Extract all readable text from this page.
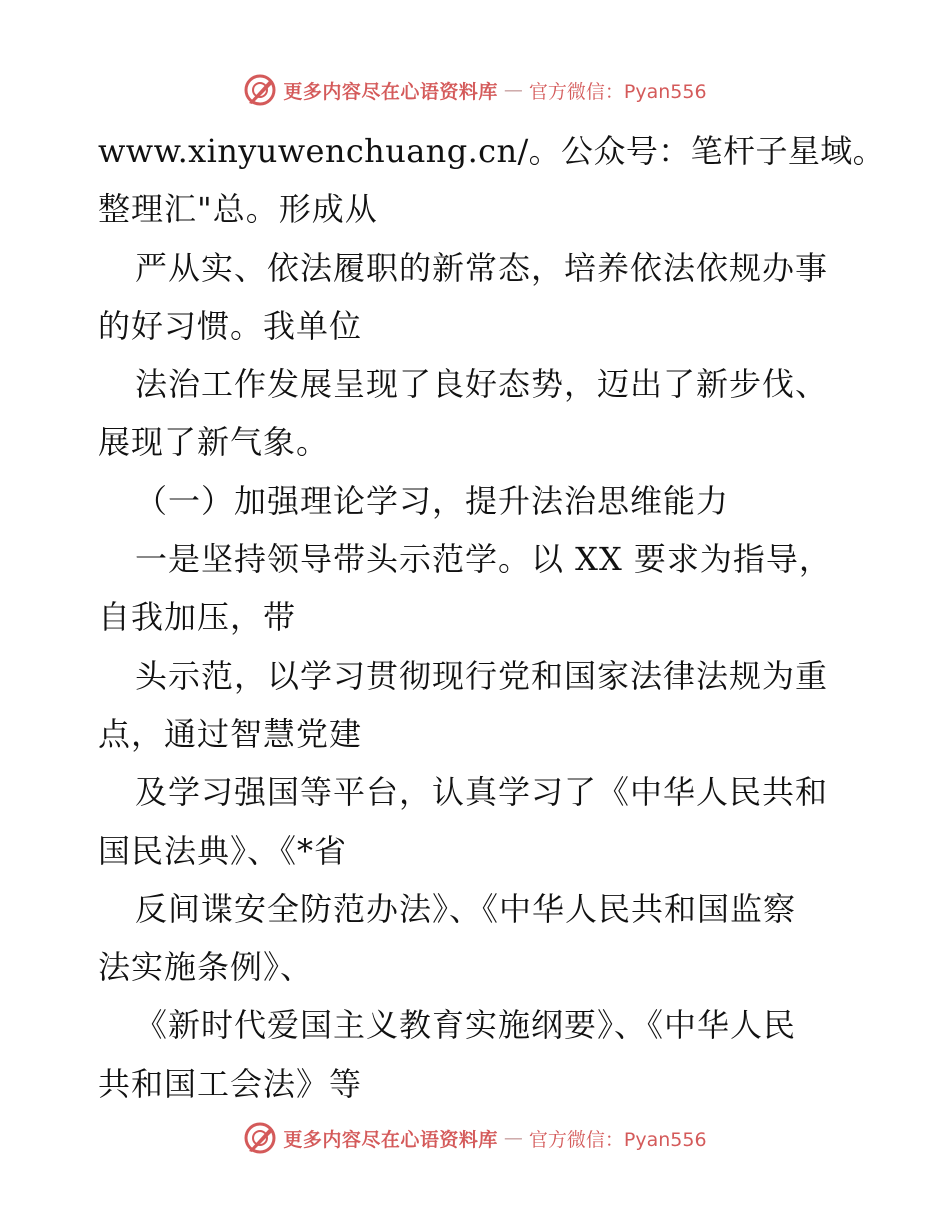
更多内容尽在心语资料库 — 官方微信：Pyan556
www.xinyuwenchuang.cn/。公众号：笔杆子星域。
整理汇"总。形成从
严从实、依法履职的新常态，培养依法依规办事
的好习惯。我单位
法治工作发展呈现了良好态势，迈出了新步伐、
展现了新气象。
（一）加强理论学习，提升法治思维能力
一是坚持领导带头示范学。以 XX 要求为指导，
自我加压，带
头示范，以学习贯彻现行党和国家法律法规为重
点，通过智慧党建
及学习强国等平台，认真学习了《中华人民共和
国民法典》、《*省
反间谍安全防范办法》、《中华人民共和国监察
法实施条例》、
《新时代爱国主义教育实施纲要》、《中华人民
共和国工会法》等
更多内容尽在心语资料库 — 官方微信：Pyan556
